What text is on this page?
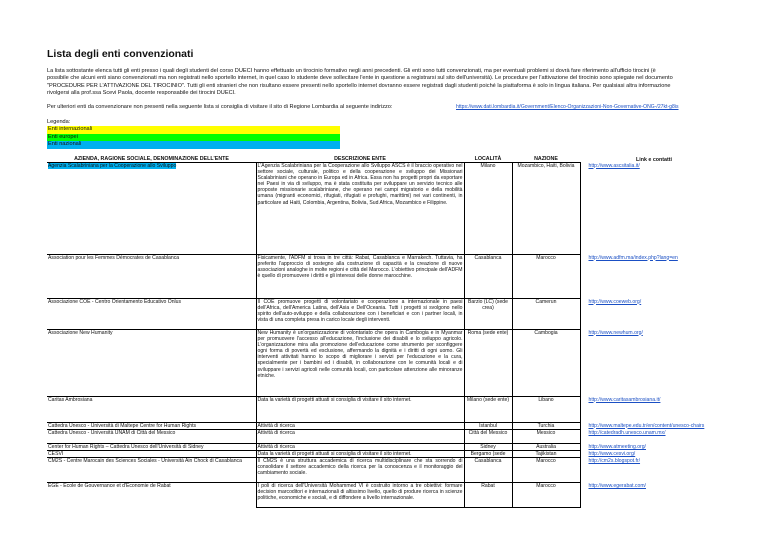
Lista degli enti convenzionati

La lista sottostante elenca tutti gli enti presso i quali degli studenti del corso DUECI hanno effettuato un tirocinio formativo negli anni precedenti. Gli enti sono tutti convenzionati, ma per eventuali problemi si dovrà fare riferimento all'ufficio tirocini (è

possibile che alcuni enti siano convenzionati ma non registrati nello sportello internet, in quel caso lo studente deve sollecitare l'ente in questione a registrarsi sul sito dell'università). Le procedure per l'attivazione del tirocinio sono spiegate nel documento

"PROCEDURE PER L'ATTIVAZIONE DEL TIROCINIO". Tutti gli enti stranieri che non risultano essere presenti nello sportello internet dovranno essere registrati dagli studenti poiché la piattaforma è solo in lingua italiana. Per qualsiasi altra informazione

rivolgersi alla prof.ssa Scevi Paola, docente responsabile dei tirocini DUECI.

Per ulteriori enti da convenzionare non presenti nella seguente lista si consiglia di visitare il sito di Regione Lombardia al seguente indirizzo:	https://www.dati.lombardia.it/Government/Elenco-Organizzazioni-Non-Governative-ONG-/27kt-g8is
Legenda:
Enti internazionali
Enti europei
Enti nazionali
AZIENDA, RAGIONE SOCIALE, DENOMINAZIONE DELL'ENTE	DESCRIZIONE ENTE	LOCALITÀ	NAZIONE	Link e contatti
Agenzia Scalabriniana per la Cooperazione allo Sviluppo	L'Agenzia Scalabriniana per la Cooperazione allo Sviluppo ASCS è il braccio operativo nel settore sociale, culturale, politico e della cooperazione e sviluppo dei Missionari Scalabriniani che operano in Europa ed in Africa. Essa non ha progetti propri da esportare nei Paesi in via di sviluppo, ma è stata costituita per sviluppare un servizio tecnico alle proposte missionarie scalabriniane, che operano nei campi migratorio e della mobilità umana (migranti economici, rifugiati, rifugiati e profughi, marittimi) nei vari continenti, in particolare ad Haiti, Colombia, Argentina, Bolivia, Sud Africa, Mozambico e Filippine.	Milano	Mozambico, Haiti, Bolivia	http://www.ascsitalia.it/
Association pour les Femmes Démocrates de Casablanca	Fisicamente, l'ADFM si trova in tre città: Rabat, Casablanca e Marrakech. Tuttavia, ha preferito l'approccio di sostegno alla costruzione di capacità e la creazione di nuove associazioni analoghe in molte regioni e città del Marocco. L'obiettivo principale dell'ADFM è quello di promuovere i diritti e gli interessi delle donne marocchine.	Casablanca	Marocco	http://www.adfm.ma/index.php?lang=en
Associazione COE - Centro Orientamento Educativo Onlus	Il COE promuove progetti di volontariato e cooperazione a internazionale in paesi dell'Africa, dell'America Latina, dell'Asia e Dell'Oceania. Tutti i progetti si svolgono nello spirito dell'auto-sviluppo e della collaborazione con i beneficiari e con i partner locali, in vista di una completa presa in carico locale degli interventi.	Barzio (LC) (sede crea)	Camerun	http://www.coeweb.org/
Associazione New Humanity	New Humanity è un'organizzazione di volontariato che opera in Cambogia e in Myanmar per promuovere l'accesso all'educazione, l'inclusione dei disabili e lo sviluppo agricolo. L'organizzazione mira alla promozione dell'educazione come strumento per sconfiggere ogni forma di povertà ed esclusione, affermando la dignità e i diritti di ogni uomo. Gli interventi attivitati hanno lo scopo di migliorare i servizi per l'educazione e la cura, specialmente per i bambini ed i disabili, in collaborazione con le comunità locali e di sviluppare i servizi agricoli nelle comunità locali, con particolare attenzione alle minoranze etniche.	Roma (sede ente)	Cambogia	http://www.newhum.org/
Caritas Ambrosiana	Data la varietà di progetti attuati si consiglia di visitare il sito internet.	Milano (sede ente)	Libano	http://www.caritasambrosiana.it/
Cattedra Unesco - Università di Maltepe Centre for Human Rights	Attività di ricerca	Istanbul	Turchia	http://www.maltepe.edu.tr/en/content/unesco-chairs
Cattedra Unesco - Università UNAM di Città del Messico	Attività di ricerca	Città del Messico	Messico	http://catedradh.unesco.unam.mx/
Center for Human Rights – Cattedra Unesco dell'Università di Sidney	Attività di ricerca	Sidney	Australia	http://www.atmeeting.org/
CESVI	Data la varietà di progetti attuati si consiglia di visitare il sito internet.	Bergamo (sede	Tajikistan	http://www.cesvi.org/
CM2S - Centre Marocain des Sciences Sociales - Università Ain Chock di Casablanca	Il CM2S è una struttura accademica di ricerca multidisciplinare che sta sorrendo di consolidare il settore accademico della ricerca per la conoscenza e il monitoraggio del cambiamento sociale.	Casablanca	Marocco	http://cm2s.blogspot.fr/
EGE - Ecole de Gouvernance et d'Economie de Rabat	I poli di ricerca dell'Università Mohammed VI è costruito intorno a tre obiettivi: formare decision marcoditori e internazionali di altissimo livello, quello di produre ricerca in scienze politiche, economiche e sociali, e di diffondere a livello internazionale.	Rabat	Marocco	http://www.egerabat.com/
